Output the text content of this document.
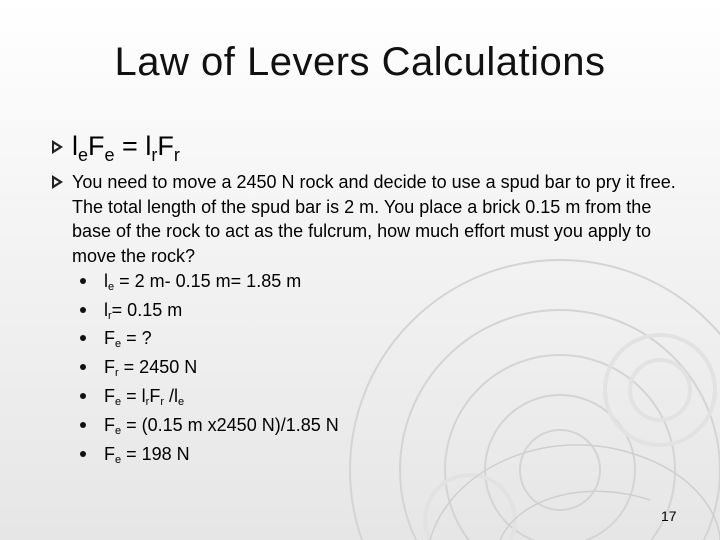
Law of Levers Calculations
$l_eF_e = l_rF_r$
You need to move a 2450 N rock and decide to use a spud bar to pry it free. The total length of the spud bar is 2 m. You place a brick 0.15 m from the base of the rock to act as the fulcrum, how much effort must you apply to move the rock?
le = 2 m- 0.15 m= 1.85 m
lr= 0.15 m
Fe = ?
Fr = 2450 N
Fe = lrFr /le
Fe = (0.15 m x2450 N)/1.85 N
Fe = 198 N
17
